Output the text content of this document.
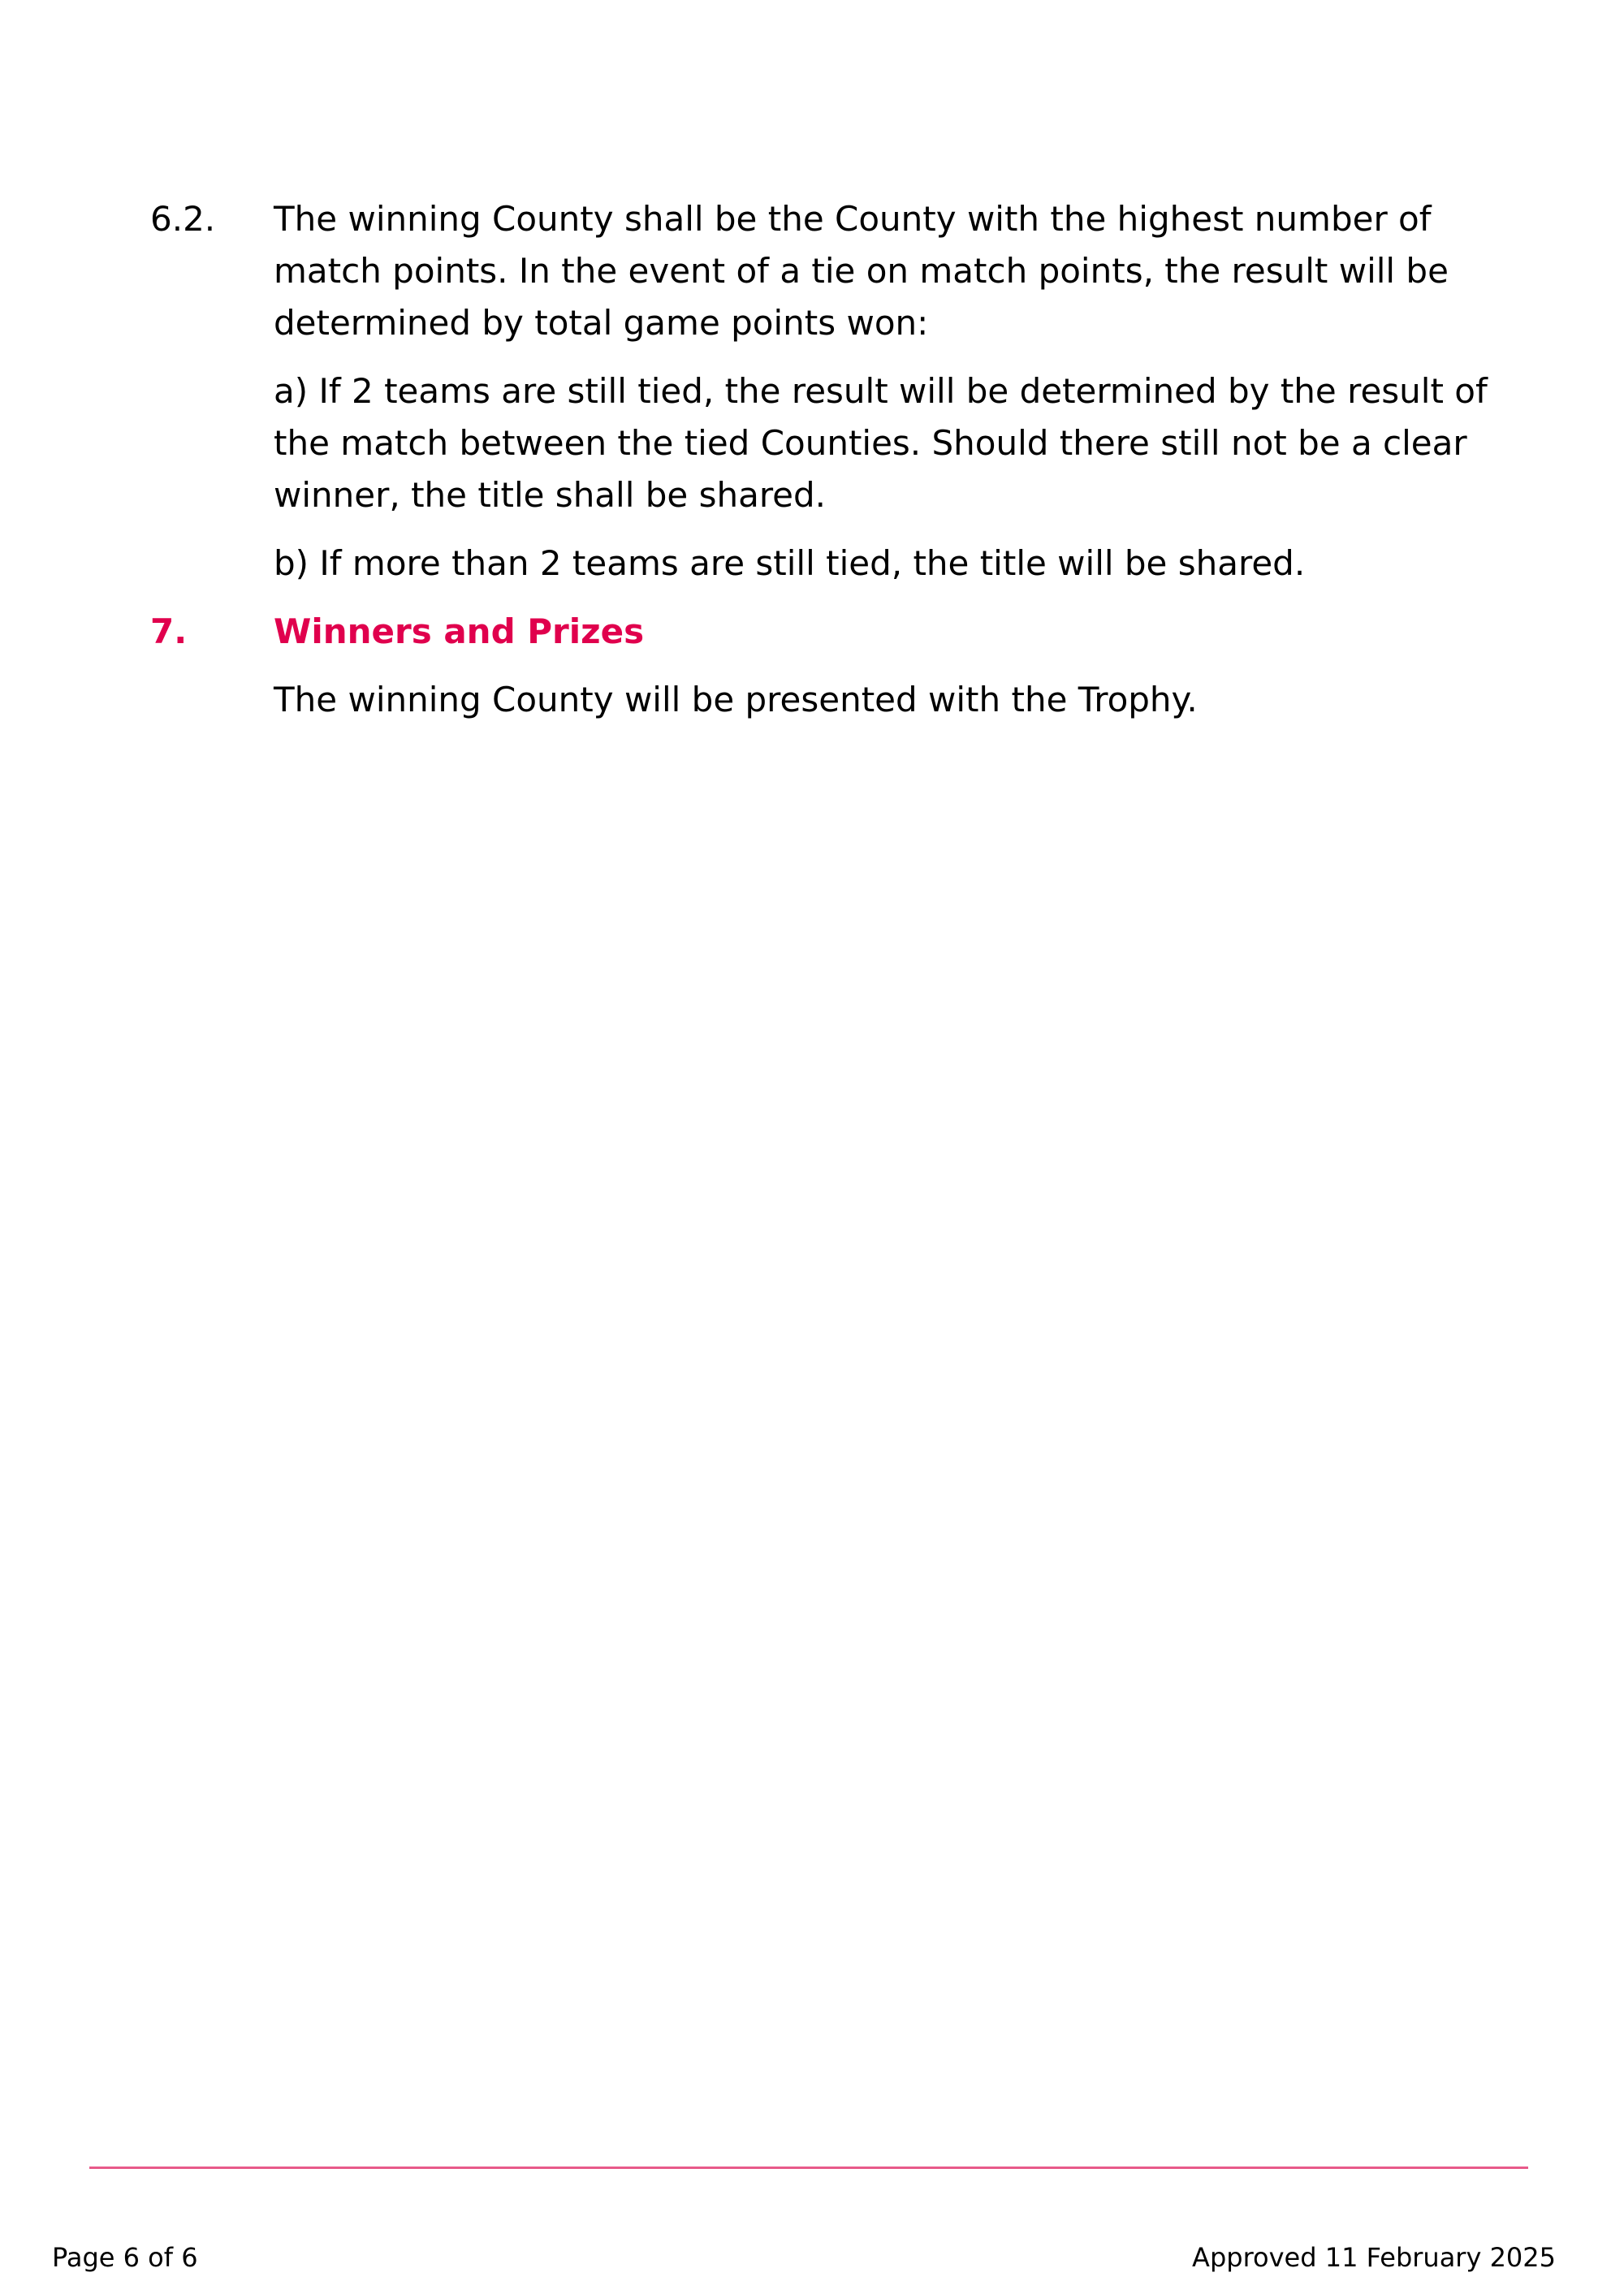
6.2. The winning County shall be the County with the highest number of match points. In the event of a tie on match points, the result will be determined by total game points won:

a) If 2 teams are still tied, the result will be determined by the result of the match between the tied Counties. Should there still not be a clear winner, the title shall be shared.

b) If more than 2 teams are still tied, the title will be shared.

7.	Winners and Prizes

The winning County will be presented with the Trophy.

Page 6 of 6	Approved 11 February 2025
